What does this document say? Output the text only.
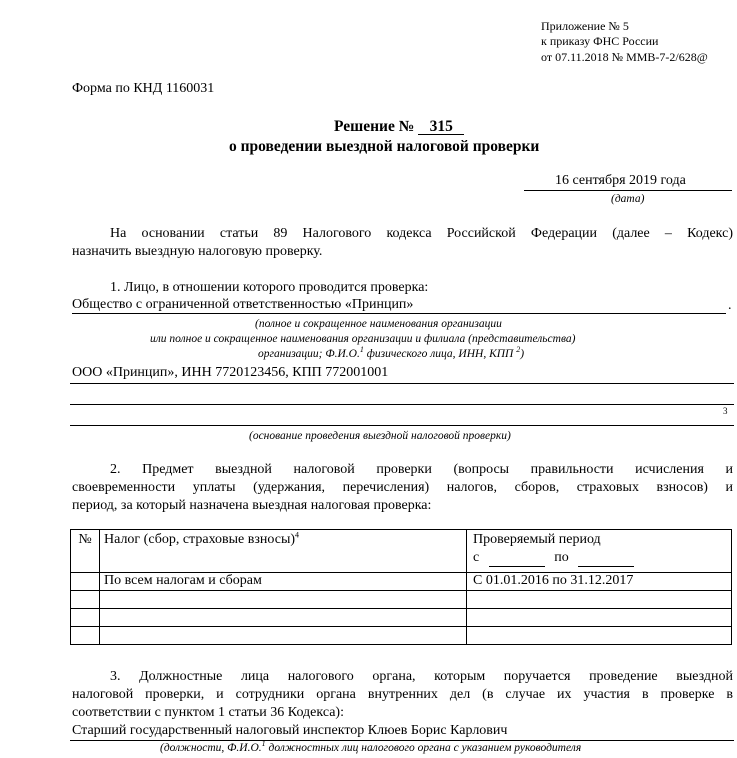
Приложение № 5
к приказу ФНС России
от 07.11.2018 № ММВ-7-2/628@
Форма по КНД 1160031
Решение № 315
о проведении выездной налоговой проверки
16 сентября 2019 года
(дата)
На основании статьи 89 Налогового кодекса Российской Федерации (далее – Кодекс)
назначить выездную налоговую проверку.
1. Лицо, в отношении которого проводится проверка:
Общество с ограниченной ответственностью «Принцип»	.
(полное и сокращенное наименования организации
или полное и сокращенное наименования организации и филиала (представительства)
организации; Ф.И.О.$^1$ физического лица, ИНН, КПП $^2$)
ООО «Принцип», ИНН 7720123456, КПП 772001001
3
(основание проведения выездной налоговой проверки)
2. Предмет выездной налоговой проверки (вопросы правильности исчисления и
своевременности уплаты (удержания, перечисления) налогов, сборов, страховых взносов) и
период, за который назначена выездная налоговая проверка:
№	Налог (сбор, страховые взносы)$^4$	Проверяемый период
с по

	По всем налогам и сборам	С 01.01.2016 по 31.12.2017

3. Должностные лица налогового органа, которым поручается проведение выездной
налоговой проверки, и сотрудники органа внутренних дел (в случае их участия в проверке в
соответствии с пунктом 1 статьи 36 Кодекса):
Старший государственный налоговый инспектор Клюев Борис Карлович
(должности, Ф.И.О.$^1$ должностных лиц налогового органа с указанием руководителя
